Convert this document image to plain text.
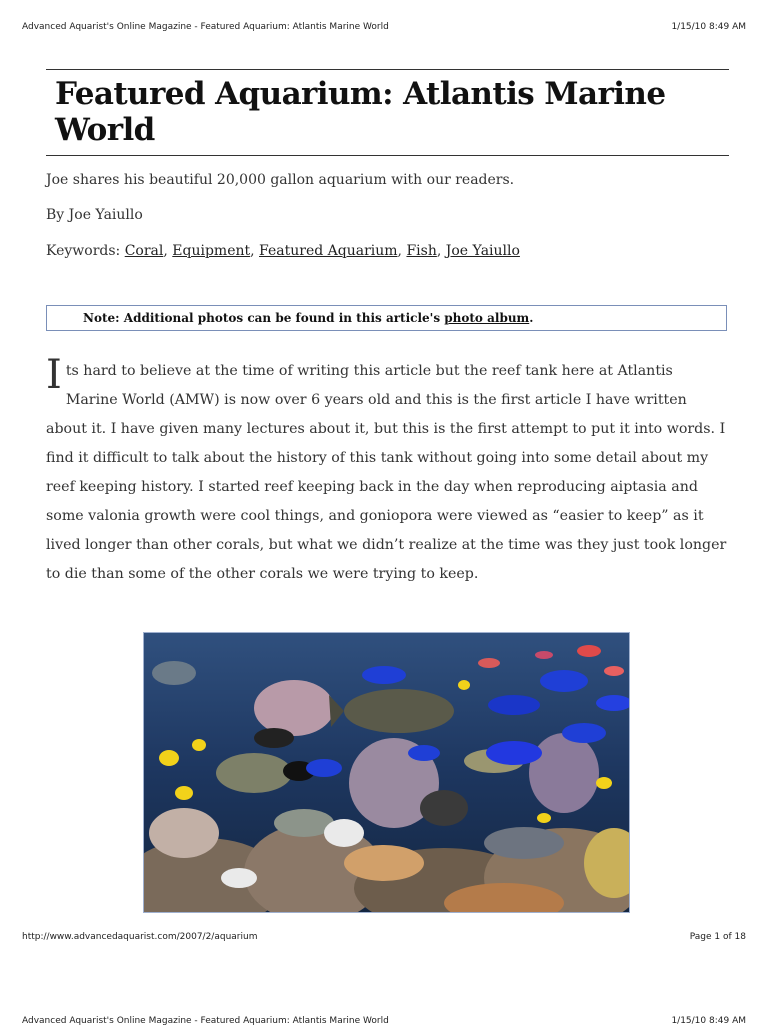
Advanced Aquarist's Online Magazine - Featured Aquarium: Atlantis Marine World	1/15/10 8:49 AM
Featured Aquarium: Atlantis Marine World

Joe shares his beautiful 20,000 gallon aquarium with our readers.

By Joe Yaiullo

Keywords: Coral, Equipment, Featured Aquarium, Fish, Joe Yaiullo

Note: Additional photos can be found in this article's
photo album .

Its hard to believe at the time of writing this article but the reef tank here at Atlantis Marine World (AMW) is now over 6 years old and this is the first article I have written about it. I have given many lectures about it, but this is the first attempt to put it into words. I find it difficult to talk about the history of this tank without going into some detail about my reef keeping history. I started reef keeping back in the day when reproducing aiptasia and some valonia growth were cool things, and goniopora were viewed as “easier to keep” as it lived longer than other corals, but what we didn’t realize at the time was they just took longer to die than some of the other corals we were trying to keep.

http://www.advancedaquarist.com/2007/2/aquarium	Page 1 of 18
Advanced Aquarist's Online Magazine - Featured Aquarium: Atlantis Marine World	1/15/10 8:49 AM
